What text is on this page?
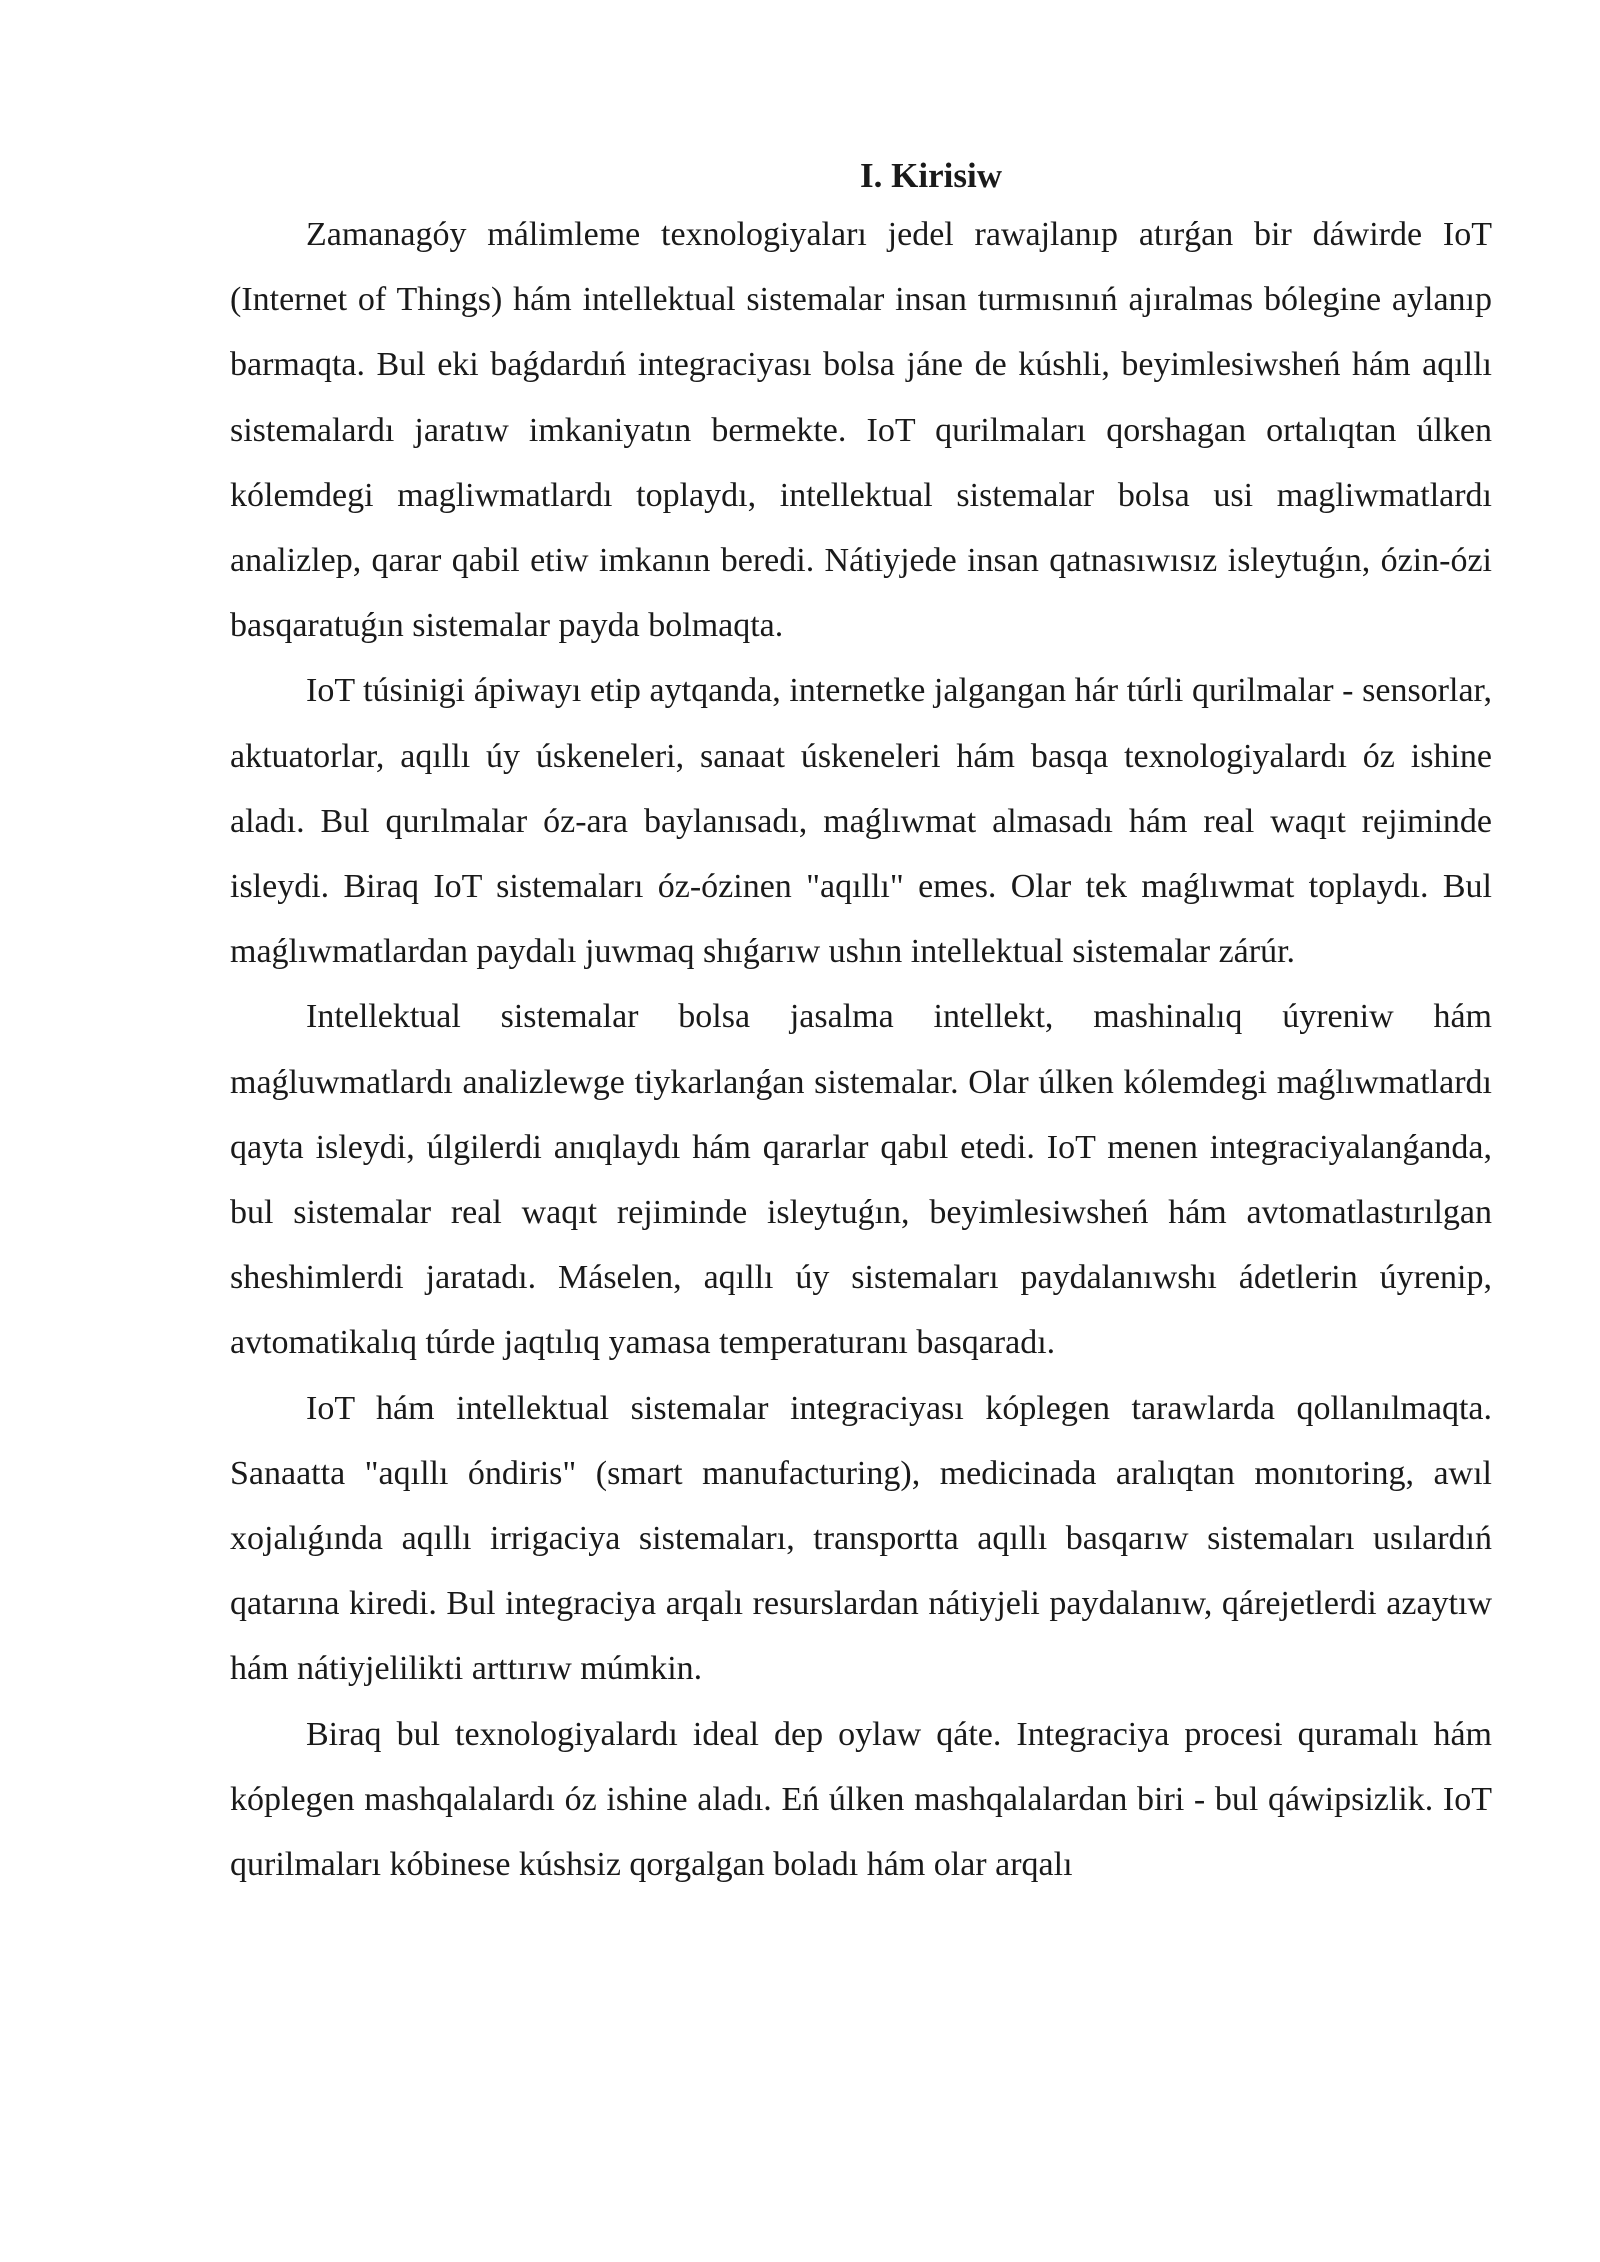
I. Kirisiw

Zamanagóy málimleme texnologiyaları jedel rawajlanıp atırǵan bir dáwirde IoT (Internet of Things) hám intellektual sistemalar insan turmısınıń ajıralmas bólegine aylanıp barmaqta. Bul eki baǵdardıń integraciyası bolsa jáne de kúshli, beyimlesiwsheń hám aqıllı sistemalardı jaratıw imkaniyatın bermekte. IoT qurilmaları qorshagan ortalıqtan úlken kólemdegi magliwmatlardı toplaydı, intellektual sistemalar bolsa usi magliwmatlardı analizlep, qarar qabil etiw imkanın beredi. Nátiyjede insan qatnasıwısız isleytuǵın, ózin-ózi basqaratuǵın sistemalar payda bolmaqta.

IoT túsinigi ápiwayı etip aytqanda, internetke jalgangan hár túrli qurilmalar - sensorlar, aktuatorlar, aqıllı úy úskeneleri, sanaat úskeneleri hám basqa texnologiyalardı óz ishine aladı. Bul qurılmalar óz-ara baylanısadı, maǵlıwmat almasadı hám real waqıt rejiminde isleydi. Biraq IoT sistemaları óz-ózinen "aqıllı" emes. Olar tek maǵlıwmat toplaydı. Bul maǵlıwmatlardan paydalı juwmaq shıǵarıw ushın intellektual sistemalar zárúr.

Intellektual sistemalar bolsa jasalma intellekt, mashinalıq úyreniw hám maǵluwmatlardı analizlewge tiykarlanǵan sistemalar. Olar úlken kólemdegi maǵlıwmatlardı qayta isleydi, úlgilerdi anıqlaydı hám qararlar qabıl etedi. IoT menen integraciyalanǵanda, bul sistemalar real waqıt rejiminde isleytuǵın, beyimlesiwsheń hám avtomatlastırılgan sheshimlerdi jaratadı. Máselen, aqıllı úy sistemaları paydalanıwshı ádetlerin úyrenip, avtomatikalıq túrde jaqtılıq yamasa temperaturanı basqaradı.

IoT hám intellektual sistemalar integraciyası kóplegen tarawlarda qollanılmaqta. Sanaatta "aqıllı óndiris" (smart manufacturing), medicinada aralıqtan monıtoring, awıl xojalıǵında aqıllı irrigaciya sistemaları, transportta aqıllı basqarıw sistemaları usılardıń qatarına kiredi. Bul integraciya arqalı resurslardan nátiyjeli paydalanıw, qárejetlerdi azaytıw hám nátiyjelilikti arttırıw múmkin.

Biraq bul texnologiyalardı ideal dep oylaw qáte. Integraciya procesi quramalı hám kóplegen mashqalalardı óz ishine aladı. Eń úlken mashqalalardan biri - bul qáwipsizlik. IoT qurilmaları kóbinese kúshsiz qorgalgan boladı hám olar arqalı
